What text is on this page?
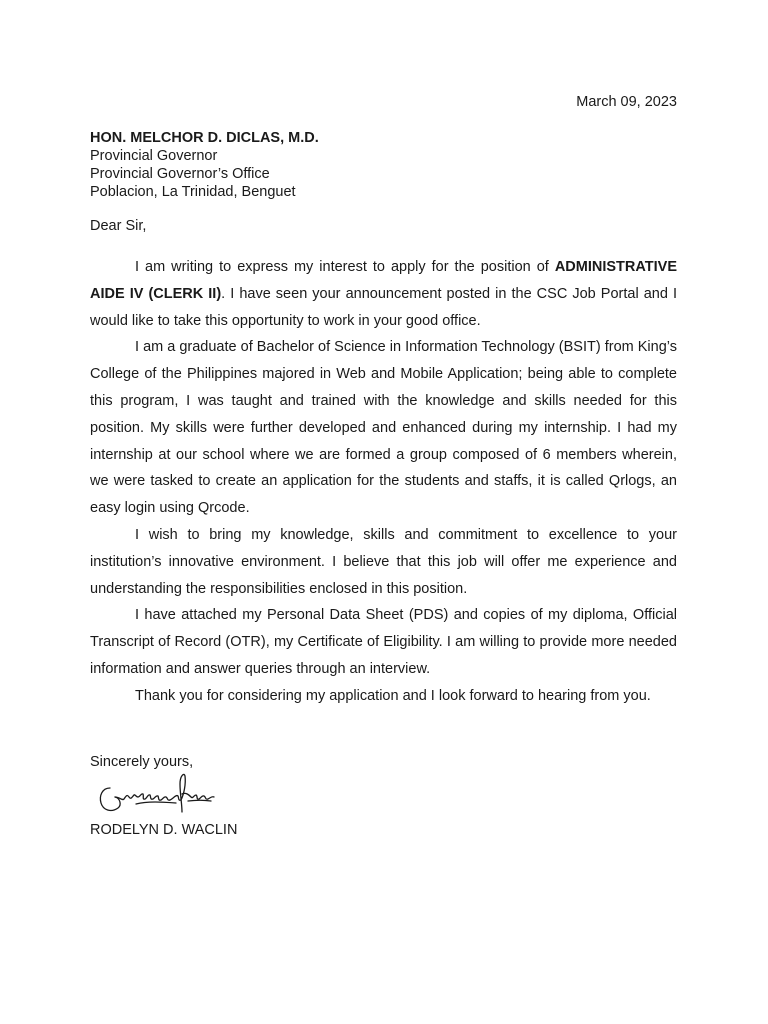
March 09, 2023
HON. MELCHOR D. DICLAS, M.D.
Provincial Governor
Provincial Governor’s Office
Poblacion, La Trinidad, Benguet
Dear Sir,

I am writing to express my interest to apply for the position of ADMINISTRATIVE AIDE IV (CLERK II). I have seen your announcement posted in the CSC Job Portal and I would like to take this opportunity to work in your good office.

I am a graduate of Bachelor of Science in Information Technology (BSIT) from King’s College of the Philippines majored in Web and Mobile Application; being able to complete this program, I was taught and trained with the knowledge and skills needed for this position. My skills were further developed and enhanced during my internship. I had my internship at our school where we are formed a group composed of 6 members wherein, we were tasked to create an application for the students and staffs, it is called Qrlogs, an easy login using Qrcode.

I wish to bring my knowledge, skills and commitment to excellence to your institution’s innovative environment. I believe that this job will offer me experience and understanding the responsibilities enclosed in this position.

I have attached my Personal Data Sheet (PDS) and copies of my diploma, Official Transcript of Record (OTR), my Certificate of Eligibility. I am willing to provide more needed information and answer queries through an interview.

Thank you for considering my application and I look forward to hearing from you.

Sincerely yours,
RODELYN D. WACLIN
